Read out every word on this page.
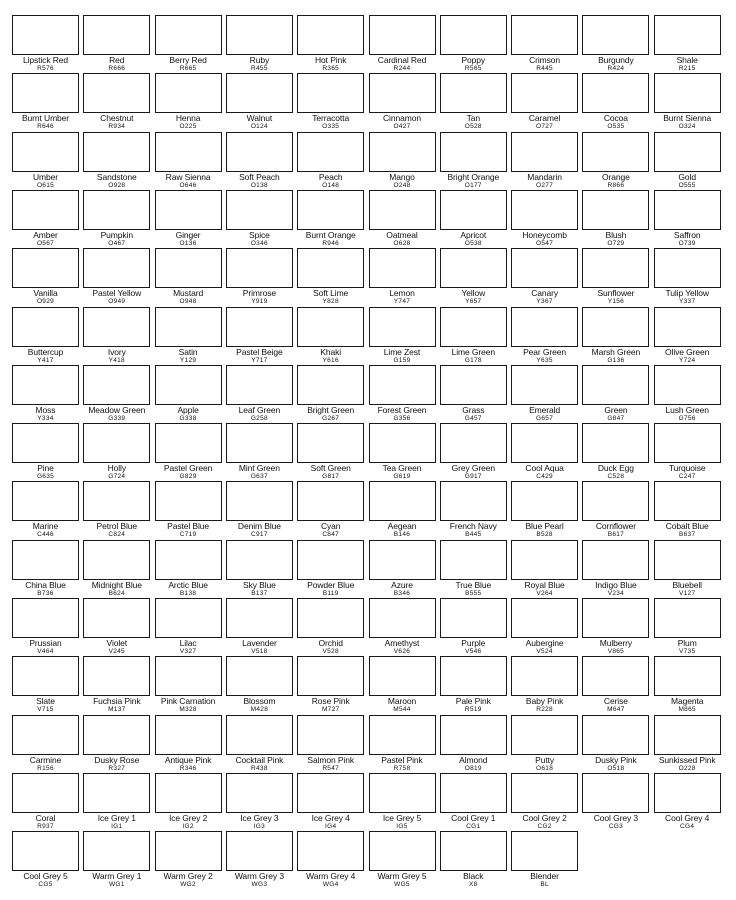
Lipstick Red
R576
Red
R666
Berry Red
R665
Ruby
R455
Hot Pink
R365
Cardinal Red
R244
Poppy
R565
Crimson
R445
Burgundy
R424
Shale
R215
Burnt Umber
R646
Chestnut
R934
Henna
O225
Walnut
O124
Terracotta
O335
Cinnamon
O427
Tan
O528
Caramel
O727
Cocoa
O535
Burnt Sienna
O324
Umber
O615
Sandstone
O928
Raw Sienna
O646
Soft Peach
O138
Peach
O148
Mango
O248
Bright Orange
O177
Mandarin
O277
Orange
R866
Gold
O555
Amber
O567
Pumpkin
O467
Ginger
O136
Spice
O346
Burnt Orange
R946
Oatmeal
O628
Apricot
O538
Honeycomb
O547
Blush
O729
Saffron
O739
Vanilla
O929
Pastel Yellow
O949
Mustard
O948
Primrose
Y919
Soft Lime
Y828
Lemon
Y747
Yellow
Y657
Canary
Y367
Sunflower
Y156
Tulip Yellow
Y337
Buttercup
Y417
Ivory
Y418
Satin
Y129
Pastel Beige
Y717
Khaki
Y616
Lime Zest
G159
Lime Green
G178
Pear Green
Y635
Marsh Green
G136
Olive Green
Y724
Moss
Y334
Meadow Green
G339
Apple
G338
Leaf Green
G258
Bright Green
G267
Forest Green
G356
Grass
G457
Emerald
G657
Green
G847
Lush Green
G756
Pine
G635
Holly
G724
Pastel Green
G829
Mint Green
G637
Soft Green
G817
Tea Green
G619
Grey Green
G917
Cool Aqua
C429
Duck Egg
C528
Turquoise
C247
Marine
C446
Petrol Blue
C824
Pastel Blue
C719
Denim Blue
C917
Cyan
C847
Aegean
B146
French Navy
B445
Blue Pearl
B528
Cornflower
B617
Cobalt Blue
B637
China Blue
B736
Midnight Blue
B624
Arctic Blue
B138
Sky Blue
B137
Powder Blue
B119
Azure
B346
True Blue
B555
Royal Blue
V264
Indigo Blue
V234
Bluebell
V127
Prussian
V464
Violet
V245
Lilac
V327
Lavender
V518
Orchid
V528
Amethyst
V626
Purple
V546
Aubergine
V524
Mulberry
V865
Plum
V735
Slate
V715
Fuchsia Pink
M137
Pink Carnation
M328
Blossom
M428
Rose Pink
M727
Maroon
M544
Pale Pink
R519
Baby Pink
R228
Cerise
M647
Magenta
M865
Carmine
R156
Dusky Rose
R327
Antique Pink
R346
Cocktail Pink
R438
Salmon Pink
R547
Pastel Pink
R758
Almond
O819
Putty
O618
Dusky Pink
O518
Sunkissed Pink
O228
Coral
R937
Ice Grey 1
IG1
Ice Grey 2
IG2
Ice Grey 3
IG3
Ice Grey 4
IG4
Ice Grey 5
IG5
Cool Grey 1
CG1
Cool Grey 2
CG2
Cool Grey 3
CG3
Cool Grey 4
CG4
Cool Grey 5
CG5
Warm Grey 1
WG1
Warm Grey 2
WG2
Warm Grey 3
WG3
Warm Grey 4
WG4
Warm Grey 5
WG5
Black
X8
Blender
BL
